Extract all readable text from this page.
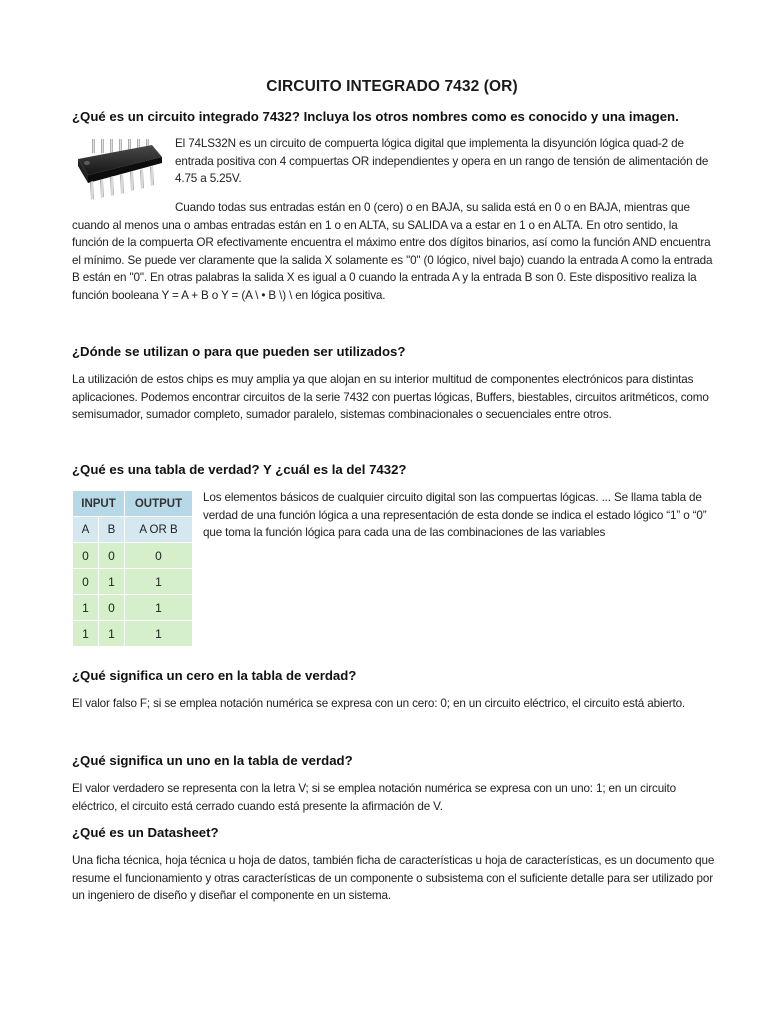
CIRCUITO INTEGRADO 7432 (OR)
¿Qué es un circuito integrado 7432? Incluya los otros nombres como es conocido y una imagen.

El 74LS32N es un circuito de compuerta lógica digital que implementa la disyunción lógica quad-2 de
entrada positiva con 4 compuertas OR independientes y opera en un rango de tensión de alimentación de
4.75 a 5.25V.

Cuando todas sus entradas están en 0 (cero) o en BAJA, su salida está en 0 o en BAJA, mientras que
cuando al menos una o ambas entradas están en 1 o en ALTA, su SALIDA va a estar en 1 o en ALTA. En otro sentido, la
función de la compuerta OR efectivamente encuentra el máximo entre dos dígitos binarios, así como la función AND encuentra
el mínimo. Se puede ver claramente que la salida X solamente es "0" (0 lógico, nivel bajo) cuando la entrada A como la entrada
B están en "0". En otras palabras la salida X es igual a 0 cuando la entrada A y la entrada B son 0. Este dispositivo realiza la
función booleana Y = A + B o Y = (A \ • B \) \ en lógica positiva.

¿Dónde se utilizan o para que pueden ser utilizados?

La utilización de estos chips es muy amplia ya que alojan en su interior multitud de componentes electrónicos para distintas
aplicaciones. Podemos encontrar circuitos de la serie 7432 con puertas lógicas, Buffers, biestables, circuitos aritméticos, como
semisumador, sumador completo, sumador paralelo, sistemas combinacionales o secuenciales entre otros.

¿Qué es una tabla de verdad? Y ¿cuál es la del 7432?
INPUT		OUTPUT
A	B	A OR B
0	0	0
0	1	1
1	0	1
1	1	1

Los elementos básicos de cualquier circuito digital son las compuertas lógicas. ... Se llama tabla de
verdad de una función lógica a una representación de esta donde se indica el estado lógico “1” o “0”
que toma la función lógica para cada una de las combinaciones de las variables

¿Qué significa un cero en la tabla de verdad?

El valor falso F; si se emplea notación numérica se expresa con un cero: 0; en un circuito eléctrico, el circuito está abierto.

¿Qué significa un uno en la tabla de verdad?

El valor verdadero se representa con la letra V; si se emplea notación numérica se expresa con un uno: 1; en un circuito
eléctrico, el circuito está cerrado cuando está presente la afirmación de V.

¿Qué es un Datasheet?

Una ficha técnica, hoja técnica u hoja de datos, también ficha de características u hoja de características, es un documento que
resume el funcionamiento y otras características de un componente o subsistema con el suficiente detalle para ser utilizado por
un ingeniero de diseño y diseñar el componente en un sistema.
